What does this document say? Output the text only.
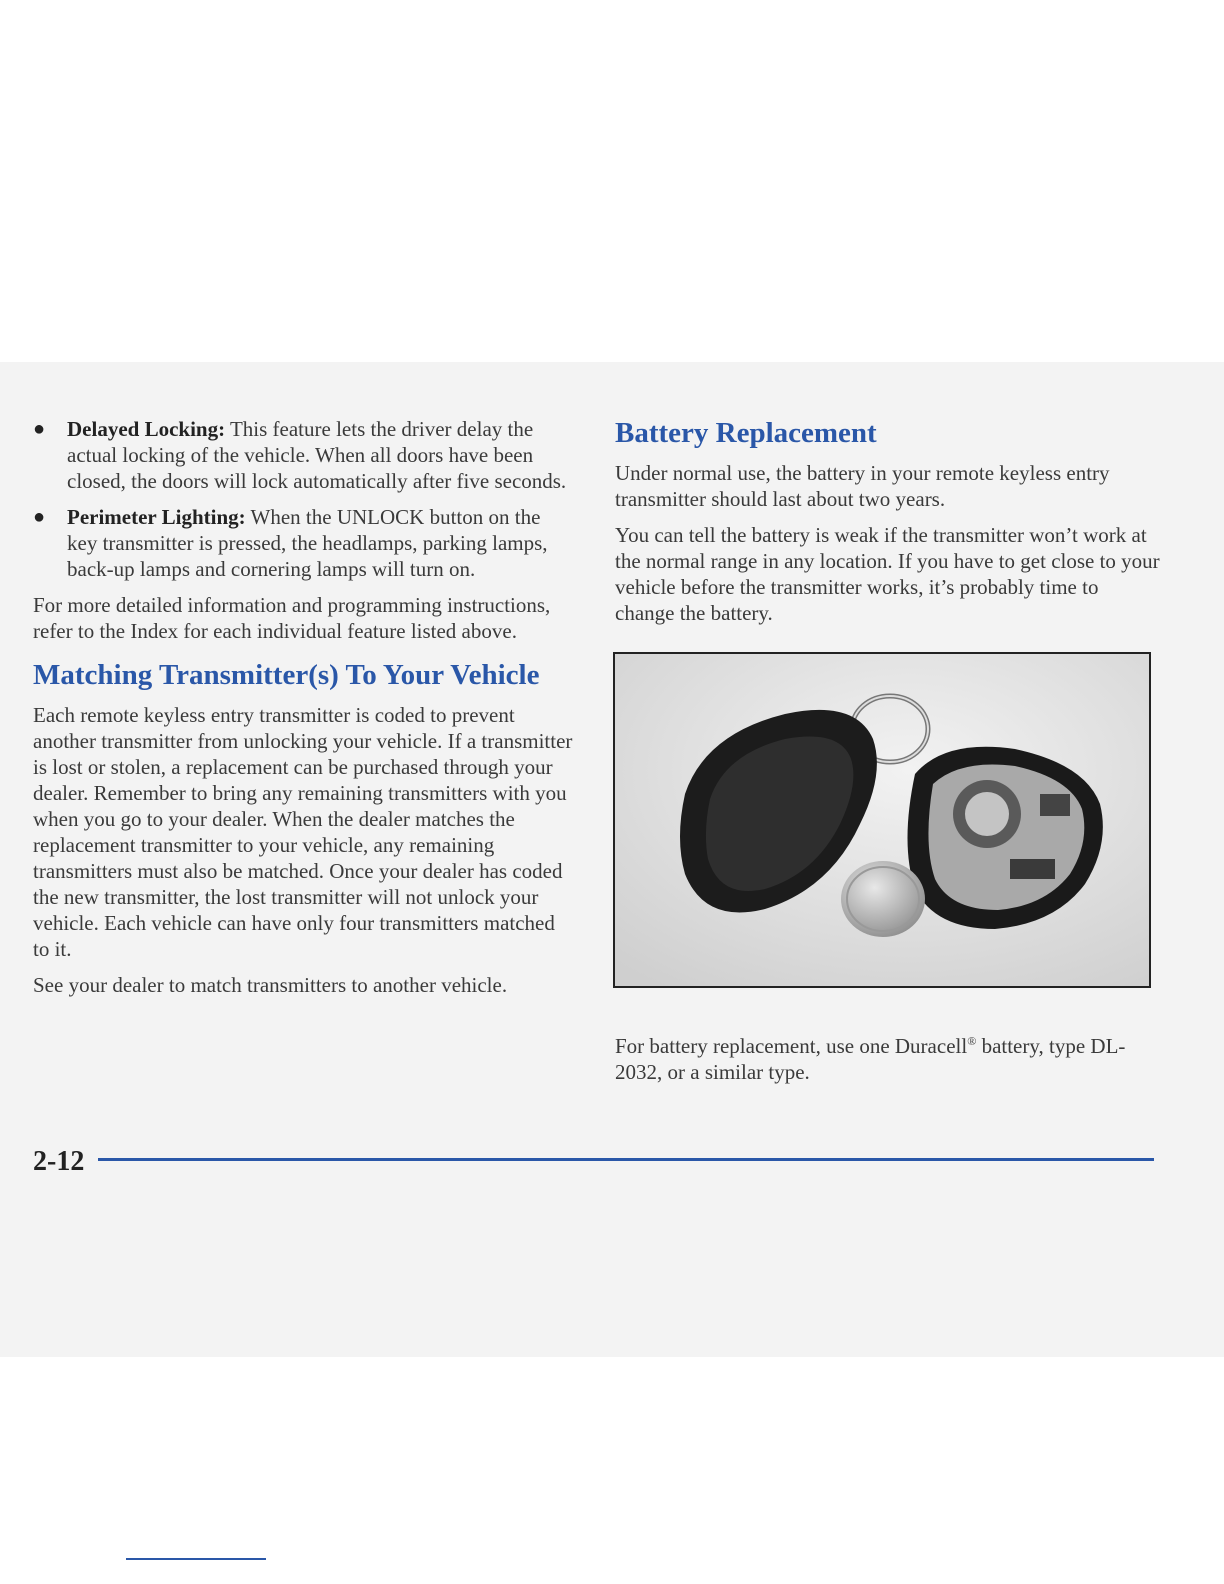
● Delayed Locking: This feature lets the driver delay the actual locking of the vehicle. When all doors have been closed, the doors will lock automatically after five seconds.
● Perimeter Lighting: When the UNLOCK button on the key transmitter is pressed, the headlamps, parking lamps, back-up lamps and cornering lamps will turn on.

For more detailed information and programming instructions, refer to the Index for each individual feature listed above.

Matching Transmitter(s) To Your Vehicle

Each remote keyless entry transmitter is coded to prevent another transmitter from unlocking your vehicle. If a transmitter is lost or stolen, a replacement can be purchased through your dealer. Remember to bring any remaining transmitters with you when you go to your dealer. When the dealer matches the replacement transmitter to your vehicle, any remaining transmitters must also be matched. Once your dealer has coded the new transmitter, the lost transmitter will not unlock your vehicle. Each vehicle can have only four transmitters matched to it.

See your dealer to match transmitters to another vehicle.

Battery Replacement

Under normal use, the battery in your remote keyless entry transmitter should last about two years.

You can tell the battery is weak if the transmitter won’t work at the normal range in any location. If you have to get close to your vehicle before the transmitter works, it’s probably time to change the battery.

For battery replacement, use one Duracell® battery, type DL-2032, or a similar type.

2-12
